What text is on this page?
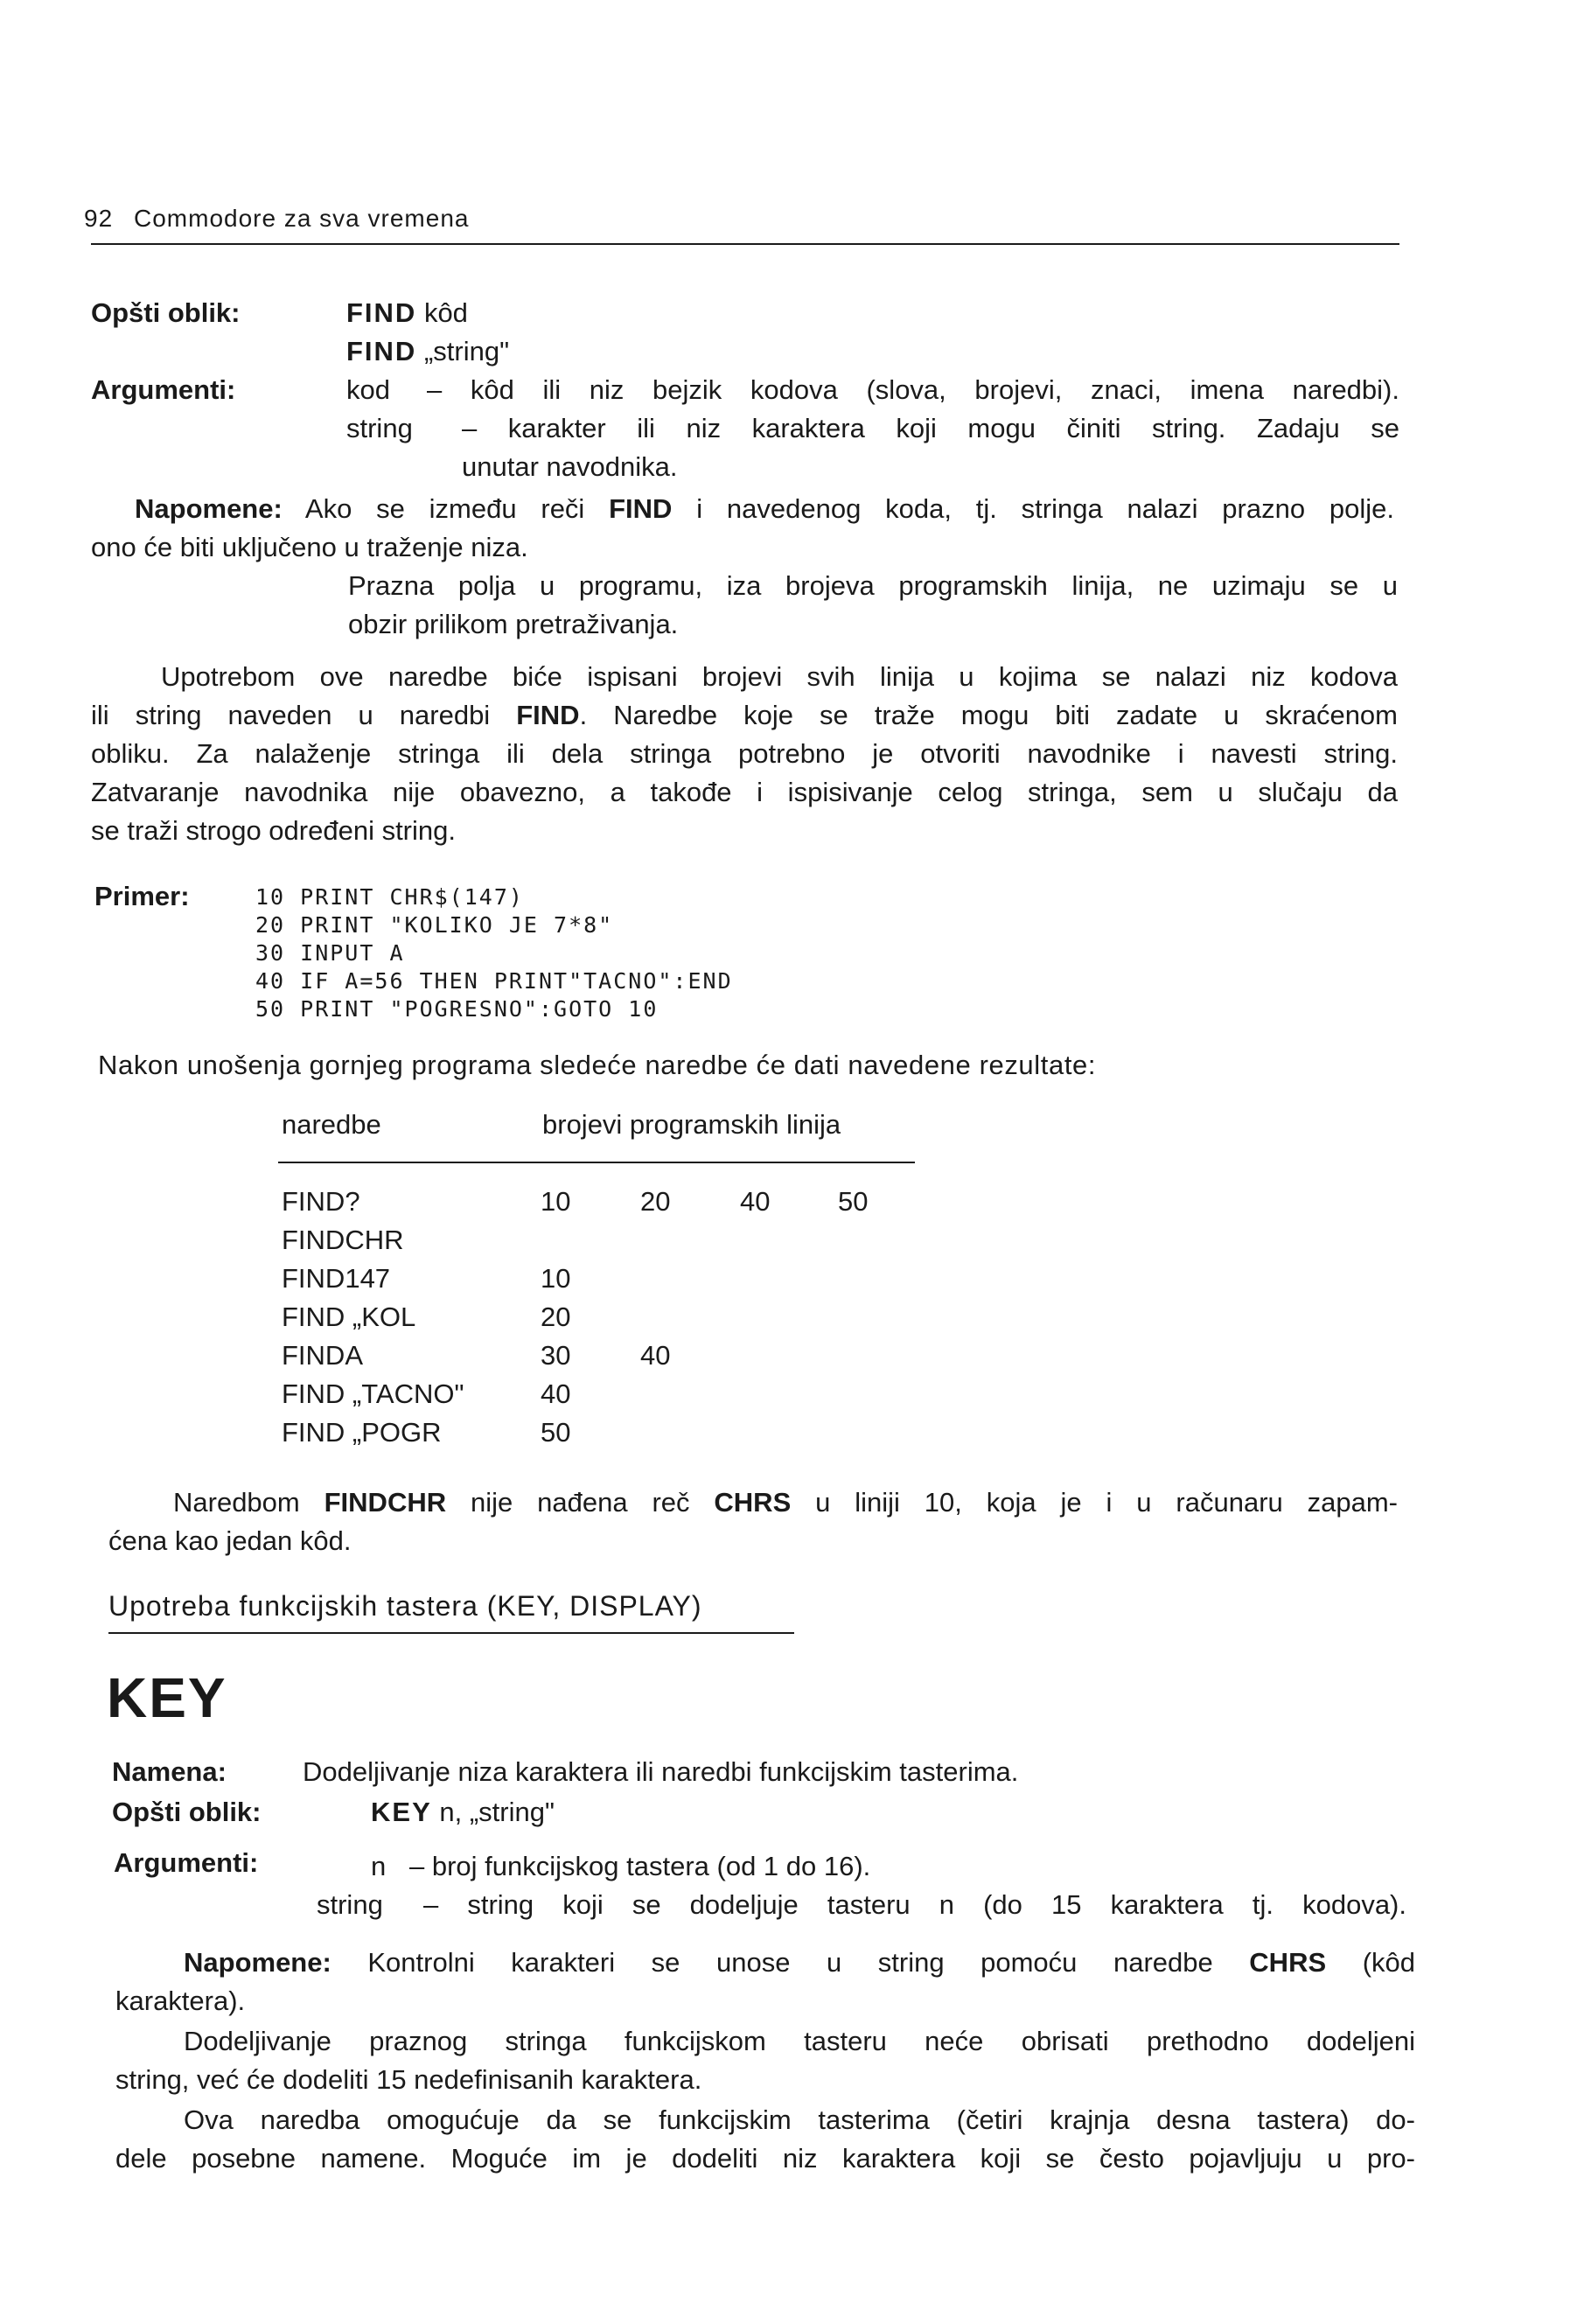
92 Commodore za sva vremena
Opšti oblik:	FIND kôd
FIND „string"
Argumenti:	kod – kôd ili niz bejzik kodova (slova, brojevi, znaci, imena naredbi).
string – karakter ili niz karaktera koji mogu činiti string. Zadaju se
unutar navodnika.
Napomene: Ako se između reči FIND i navedenog koda, tj. stringa nalazi prazno polje.
ono će biti uključeno u traženje niza.
Prazna polja u programu, iza brojeva programskih linija, ne uzimaju se u
obzir prilikom pretraživanja.
Upotrebom ove naredbe biće ispisani brojevi svih linija u kojima se nalazi niz kodova
ili string naveden u naredbi FIND. Naredbe koje se traže mogu biti zadate u skraćenom
obliku. Za nalaženje stringa ili dela stringa potrebno je otvoriti navodnike i navesti string.
Zatvaranje navodnika nije obavezno, a takođe i ispisivanje celog stringa, sem u slučaju da
se traži strogo određeni string.
Primer:	10 PRINT CHR$(147)
20 PRINT "KOLIKO JE 7*8"
30 INPUT A
40 IF A=56 THEN PRINT"TACNO":END
50 PRINT "POGRESNO":GOTO 10
Nakon unošenja gornjeg programa sledeće naredbe će dati navedene rezultate:
naredbe	brojevi programskih linija
FIND?	10	20	40	50
FINDCHR
FIND147	10
FIND „KOL	20
FINDA	30	40
FIND „TACNO"	40
FIND „POGR	50
Naredbom FINDCHR nije nađena reč CHRS u liniji 10, koja je i u računaru zapam-
ćena kao jedan kôd.
Upotreba funkcijskih tastera (KEY, DISPLAY)
KEY
Namena:	Dodeljivanje niza karaktera ili naredbi funkcijskim tasterima.
Opšti oblik:	KEY n, „string"
Argumenti:	n – broj funkcijskog tastera (od 1 do 16).
string – string koji se dodeljuje tasteru n (do 15 karaktera tj. kodova).
Napomene: Kontrolni karakteri se unose u string pomoću naredbe CHRS (kôd
karaktera).
Dodeljivanje praznog stringa funkcijskom tasteru neće obrisati prethodno dodeljeni
string, već će dodeliti 15 nedefinisanih karaktera.
Ova naredba omogućuje da se funkcijskim tasterima (četiri krajnja desna tastera) do-
dele posebne namene. Moguće im je dodeliti niz karaktera koji se često pojavljuju u pro-
